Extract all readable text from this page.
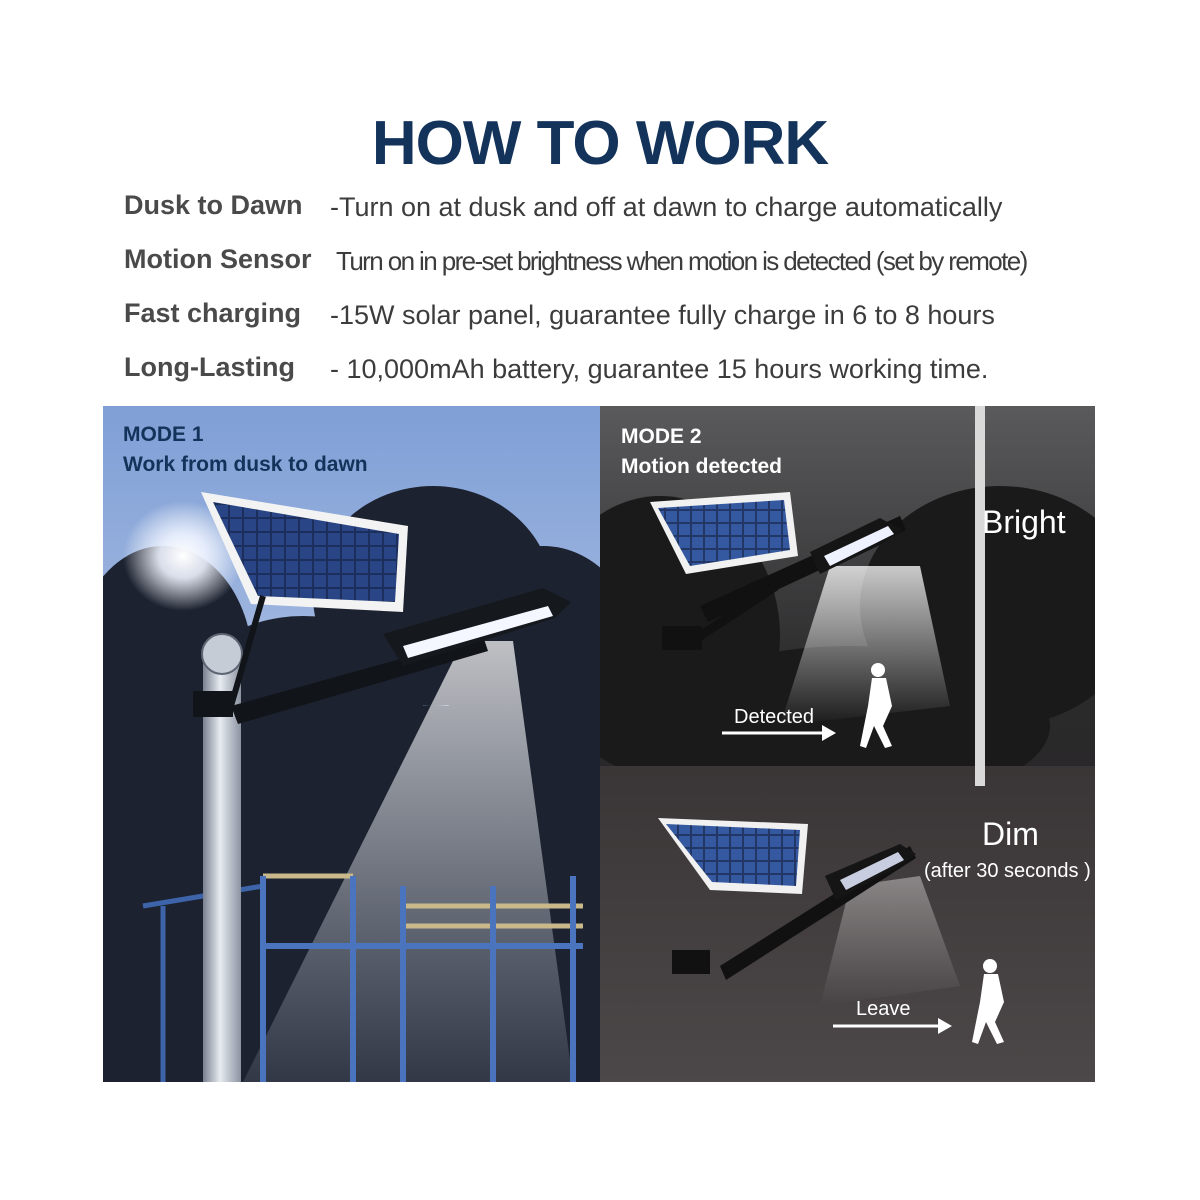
HOW TO WORK
Dusk to Dawn -Turn on at dusk and off at dawn to charge automatically
Motion Sensor Turn on in pre-set brightness when motion is detected (set by remote)
Fast charging -15W solar panel, guarantee fully charge in 6 to 8 hours
Long-Lasting - 10,000mAh battery, guarantee 15 hours working time.
MODE 1
Work from dusk to dawn
MODE 2
Motion detected
Bright
Detected
Dim
(after 30 seconds )
Leave
